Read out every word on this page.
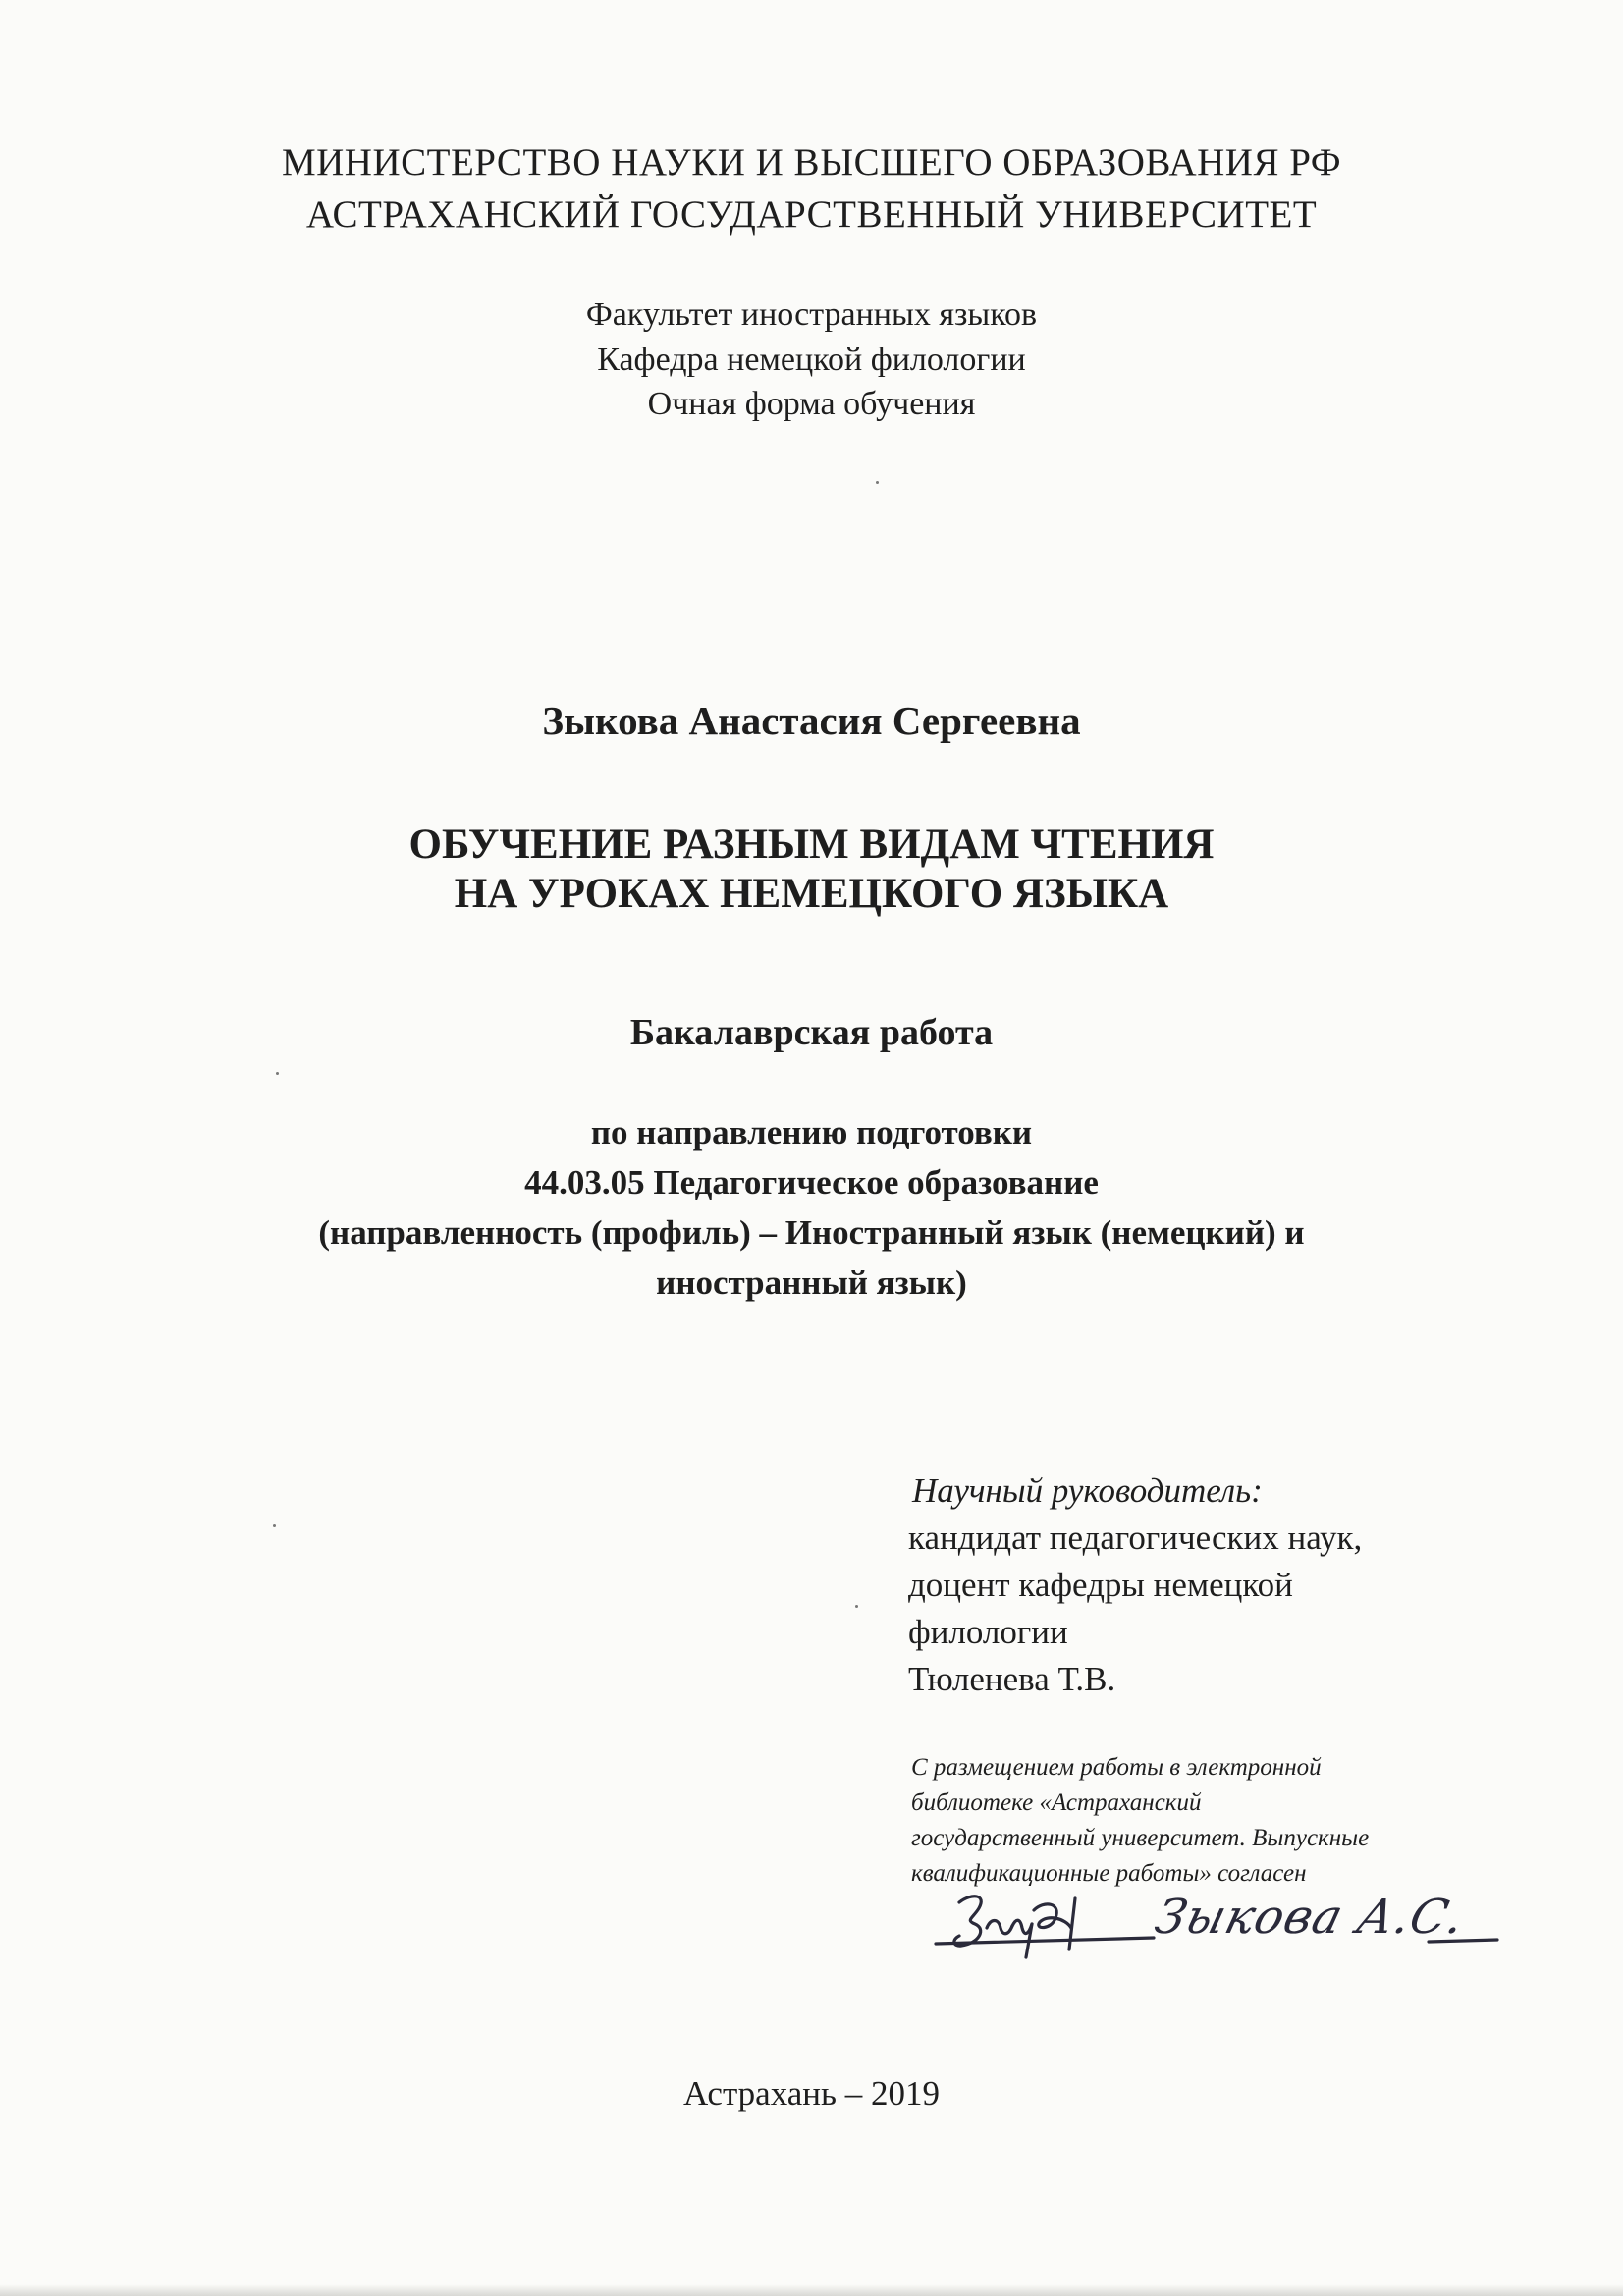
МИНИСТЕРСТВО НАУКИ И ВЫСШЕГО ОБРАЗОВАНИЯ РФ
АСТРАХАНСКИЙ ГОСУДАРСТВЕННЫЙ УНИВЕРСИТЕТ
Факультет иностранных языков
Кафедра немецкой филологии
Очная форма обучения
Зыкова Анастасия Сергеевна
ОБУЧЕНИЕ РАЗНЫМ ВИДАМ ЧТЕНИЯ
НА УРОКАХ НЕМЕЦКОГО ЯЗЫКА
Бакалаврская работа
по направлению подготовки
44.03.05 Педагогическое образование
(направленность (профиль) – Иностранный язык (немецкий) и
иностранный язык)
Научный руководитель:
кандидат педагогических наук,
доцент кафедры немецкой
филологии
Тюленева Т.В.
С размещением работы в электронной
библиотеке «Астраханский
государственный университет. Выпускные
квалификационные работы» согласен
Зыкова А.С.
Астрахань – 2019
